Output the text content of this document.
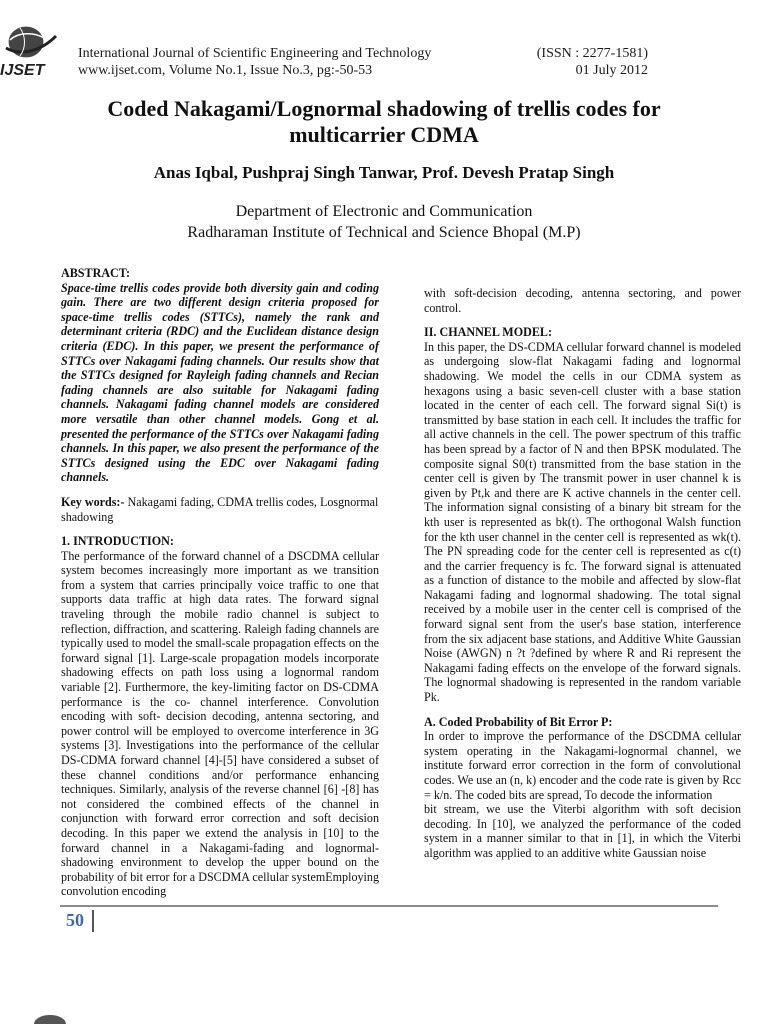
IJSET
International Journal of Scientific Engineering and Technology
www.ijset.com, Volume No.1, Issue No.3, pg:-50-53
(ISSN : 2277-1581)
01 July 2012
Coded Nakagami/Lognormal shadowing of trellis codes for
multicarrier CDMA
Anas Iqbal, Pushpraj Singh Tanwar, Prof. Devesh Pratap Singh
Department of Electronic and Communication
Radharaman Institute of Technical and Science Bhopal (M.P)

ABSTRACT:

Space-time trellis codes provide both diversity gain and coding gain. There are two different design criteria proposed for space-time trellis codes (STTCs), namely the rank and determinant criteria (RDC) and the Euclidean distance design criteria (EDC). In this paper, we present the performance of STTCs over Nakagami fading channels. Our results show that the STTCs designed for Rayleigh fading channels and Recian fading channels are also suitable for Nakagami fading channels. Nakagami fading channel models are considered more versatile than other channel models. Gong et al. presented the performance of the STTCs over Nakagami fading channels. In this paper, we also present the performance of the STTCs designed using the EDC over Nakagami fading channels.

Key words:- Nakagami fading, CDMA trellis codes, Losgnormal shadowing

1. INTRODUCTION:

The performance of the forward channel of a DSCDMA cellular system becomes increasingly more important as we transition from a system that carries principally voice traffic to one that supports data traffic at high data rates. The forward signal traveling through the mobile radio channel is subject to reflection, diffraction, and scattering. Raleigh fading channels are typically used to model the small-scale propagation effects on the forward signal [1]. Large-scale propagation models incorporate shadowing effects on path loss using a lognormal random variable [2]. Furthermore, the key-limiting factor on DS-CDMA performance is the co- channel interference. Convolution encoding with soft- decision decoding, antenna sectoring, and power control will be employed to overcome interference in 3G systems [3]. Investigations into the performance of the cellular DS-CDMA forward channel [4]-[5] have considered a subset of these channel conditions and/or performance enhancing techniques. Similarly, analysis of the reverse channel [6] -[8] has not considered the combined effects of the channel in conjunction with forward error correction and soft decision decoding. In this paper we extend the analysis in [10] to the forward channel in a Nakagami-fading and lognormal- shadowing environment to develop the upper bound on the probability of bit error for a DSCDMA cellular systemEmploying convolution encoding

with soft-decision decoding, antenna sectoring, and power control.

II. CHANNEL MODEL:

In this paper, the DS-CDMA cellular forward channel is modeled as undergoing slow-flat Nakagami fading and lognormal shadowing. We model the cells in our CDMA system as hexagons using a basic seven-cell cluster with a base station located in the center of each cell. The forward signal Si(t) is transmitted by base station in each cell. It includes the traffic for all active channels in the cell. The power spectrum of this traffic has been spread by a factor of N and then BPSK modulated. The composite signal S0(t) transmitted from the base station in the center cell is given by The transmit power in user channel k is given by Pt,k and there are K active channels in the center cell. The information signal consisting of a binary bit stream for the kth user is represented as bk(t). The orthogonal Walsh function for the kth user channel in the center cell is represented as wk(t). The PN spreading code for the center cell is represented as c(t) and the carrier frequency is fc. The forward signal is attenuated as a function of distance to the mobile and affected by slow-flat Nakagami fading and lognormal shadowing. The total signal received by a mobile user in the center cell is comprised of the forward signal sent from the user's base station, interference from the six adjacent base stations, and Additive White Gaussian Noise (AWGN) n ?t ?defined by where R and Ri represent the Nakagami fading effects on the envelope of the forward signals. The lognormal shadowing is represented in the random variable Pk.

A. Coded Probability of Bit Error P:

In order to improve the performance of the DSCDMA cellular system operating in the Nakagami-lognormal channel, we institute forward error correction in the form of convolutional codes. We use an (n, k) encoder and the code rate is given by Rcc = k/n. The coded bits are spread, To decode the information

bit stream, we use the Viterbi algorithm with soft decision decoding. In [10], we analyzed the performance of the coded system in a manner similar to that in [1], in which the Viterbi algorithm was applied to an additive white Gaussian noise

50
